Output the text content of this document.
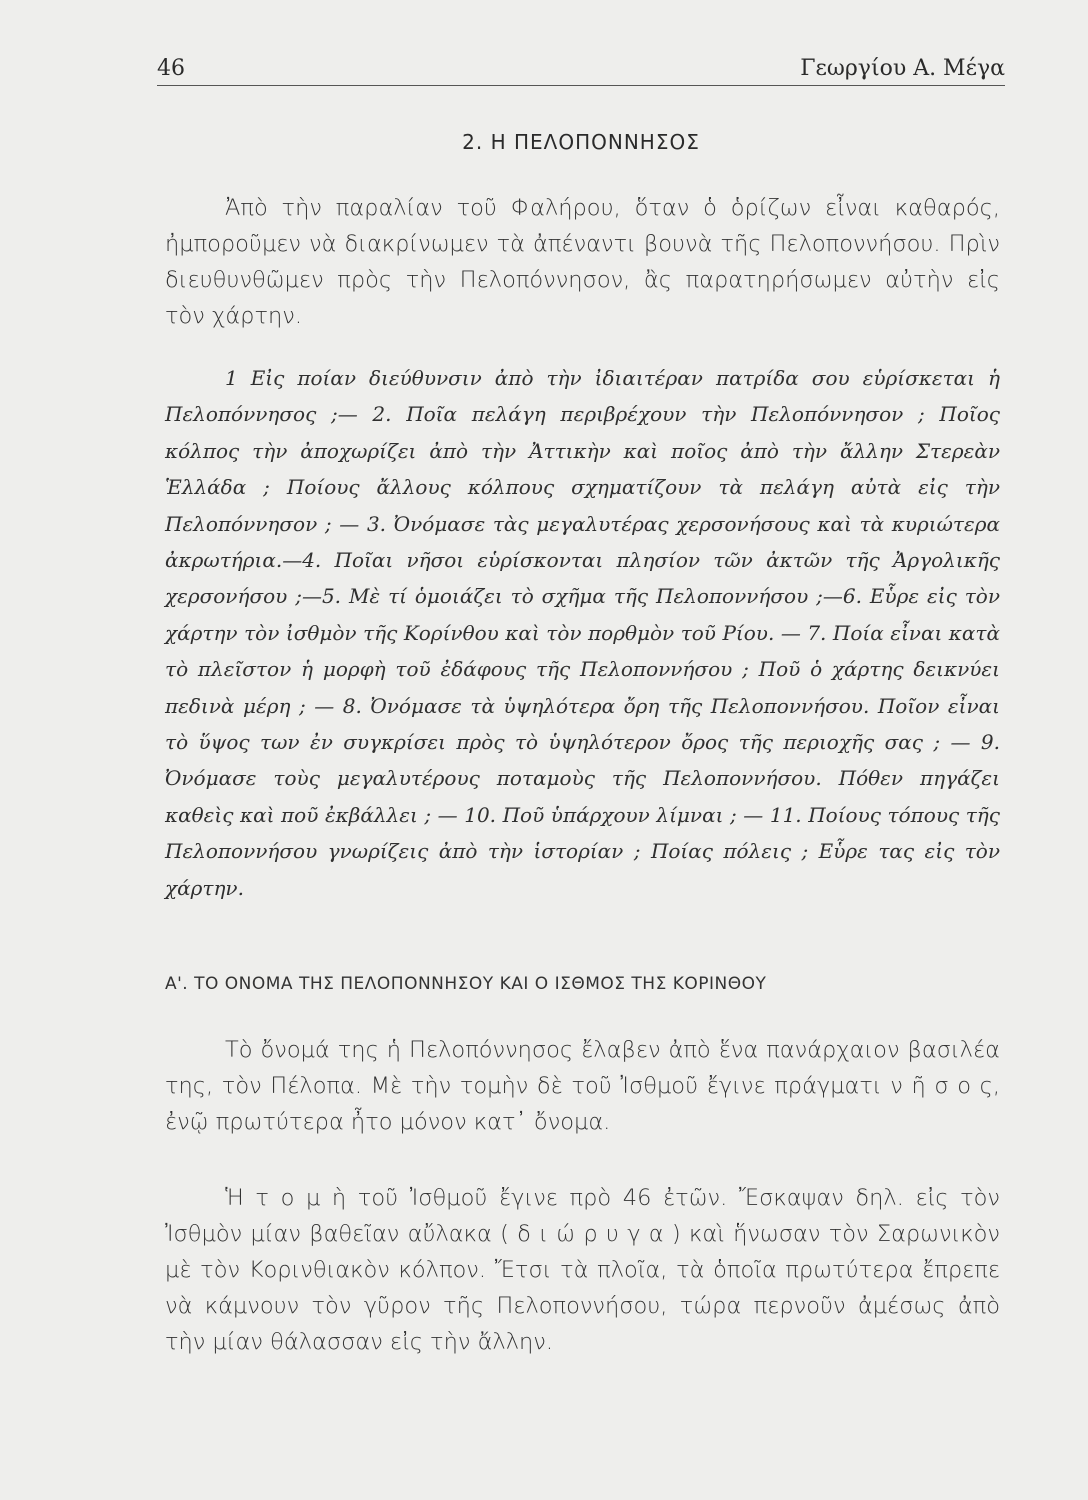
46	Γεωργίου Α. Μέγα
2. Η ΠΕΛΟΠΟΝΝΗΣΟΣ

Ἀπὸ τὴν παραλίαν τοῦ Φαλήρου, ὅταν ὁ ὁρίζων εἶναι καθαρός, ἠμποροῦμεν νὰ διακρίνωμεν τὰ ἀπέναντι βουνὰ τῆς Πελοποννήσου. Πρὶν διευθυνθῶμεν πρὸς τὴν Πελοπόννησον, ἂς παρατηρήσωμεν αὐτὴν εἰς τὸν χάρτην.

1 Εἰς ποίαν διεύθυνσιν ἀπὸ τὴν ἰδιαιτέραν πατρίδα σου εὑρίσκεται ἡ Πελοπόννησος ;— 2. Ποῖα πελάγη περιβρέχουν τὴν Πελοπόννησον ; Ποῖος κόλπος τὴν ἀποχωρίζει ἀπὸ τὴν Ἀττικὴν καὶ ποῖος ἀπὸ τὴν ἄλλην Στερεὰν Ἑλλάδα ; Ποίους ἄλλους κόλπους σχηματίζουν τὰ πελάγη αὐτὰ εἰς τὴν Πελοπόννησον ; — 3. Ὀνόμασε τὰς μεγαλυτέρας χερσονήσους καὶ τὰ κυριώτερα ἀκρωτήρια.—4. Ποῖαι νῆσοι εὑρίσκονται πλησίον τῶν ἀκτῶν τῆς Ἀργολικῆς χερσονήσου ;—5. Μὲ τί ὁμοιάζει τὸ σχῆμα τῆς Πελοποννήσου ;—6. Εὗρε εἰς τὸν χάρτην τὸν ἰσθμὸν τῆς Κορίνθου καὶ τὸν πορθμὸν τοῦ Ρίου. — 7. Ποία εἶναι κατὰ τὸ πλεῖστον ἡ μορφὴ τοῦ ἐδάφους τῆς Πελοποννήσου ; Ποῦ ὁ χάρτης δεικνύει πεδινὰ μέρη ; — 8. Ὀνόμασε τὰ ὑψηλότερα ὄρη τῆς Πελοποννήσου. Ποῖον εἶναι τὸ ὕψος των ἐν συγκρίσει πρὸς τὸ ὑψηλότερον ὄρος τῆς περιοχῆς σας ; — 9. Ὀνόμασε τοὺς μεγαλυτέρους ποταμοὺς τῆς Πελοποννήσου. Πόθεν πηγάζει καθεὶς καὶ ποῦ ἐκβάλλει ; — 10. Ποῦ ὑπάρχουν λίμναι ; — 11. Ποίους τόπους τῆς Πελοποννήσου γνωρίζεις ἀπὸ τὴν ἱστορίαν ; Ποίας πόλεις ; Εὗρε τας εἰς τὸν χάρτην.

Α'. ΤΟ ΟΝΟΜΑ ΤΗΣ ΠΕΛΟΠΟΝΝΗΣΟΥ ΚΑΙ Ο ΙΣΘΜΟΣ ΤΗΣ ΚΟΡΙΝΘΟΥ

Τὸ ὄνομά της ἡ Πελοπόννησος ἔλαβεν ἀπὸ ἕνα πανάρχαιον βασιλέα της, τὸν Πέλοπα. Μὲ τὴν τομὴν δὲ τοῦ Ἰσθμοῦ ἔγινε πράγματι ν ῆ σ ο ς, ἐνῷ πρωτύτερα ἦτο μόνον κατ᾽ ὄνομα.

Ἡ τ ο μ ὴ τοῦ Ἰσθμοῦ ἔγινε πρὸ 46 ἐτῶν. Ἔσκαψαν δηλ. εἰς τὸν Ἰσθμὸν μίαν βαθεῖαν αὔλακα ( δ ι ώ ρ υ γ α ) καὶ ἥνωσαν τὸν Σαρωνικὸν μὲ τὸν Κορινθιακὸν κόλπον. Ἔτσι τὰ πλοῖα, τὰ ὁποῖα πρωτύτερα ἔπρεπε νὰ κάμνουν τὸν γῦρον τῆς Πελοποννήσου, τώρα περνοῦν ἀμέσως ἀπὸ τὴν μίαν θάλασσαν εἰς τὴν ἄλλην.
